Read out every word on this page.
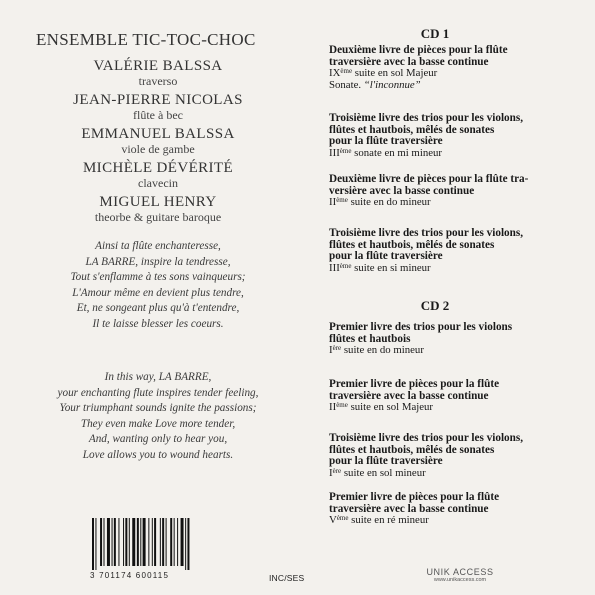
ENSEMBLE TIC-TOC-CHOC
VALÉRIE BALSSA
traverso
JEAN-PIERRE NICOLAS
flûte à bec
EMMANUEL BALSSA
viole de gambe
MICHÈLE DÉVÉRITÉ
clavecin
MIGUEL HENRY
theorbe & guitare baroque
Ainsi ta flûte enchanteresse,
LA BARRE, inspire la tendresse,
Tout s'enflamme à tes sons vainqueurs;
L'Amour même en devient plus tendre,
Et, ne songeant plus qu'à t'entendre,
Il te laisse blesser les coeurs.
In this way, LA BARRE,
your enchanting flute inspires tender feeling,
Your triumphant sounds ignite the passions;
They even make Love more tender,
And, wanting only to hear you,
Love allows you to wound hearts.
3 701174 600115	INC/SES
UNIK ACCESS
www.unikaccess.com
CD 1
CD 2
Deuxième livre de pièces pour la flûte
traversière avec la basse continue
IXème suite en sol Majeur
Sonate. “l'inconnue”
Troisième livre des trios pour les violons,
flûtes et hautbois, mêlés de sonates
pour la flûte traversière
IIIème sonate en mi mineur
Deuxième livre de pièces pour la flûte tra-
versière avec la basse continue
IIème suite en do mineur
Troisième livre des trios pour les violons,
flûtes et hautbois, mêlés de sonates
pour la flûte traversière
IIIème suite en si mineur
Premier livre des trios pour les violons
flûtes et hautbois
Ière suite en do mineur
Premier livre de pièces pour la flûte
traversière avec la basse continue
IIème suite en sol Majeur
Troisième livre des trios pour les violons,
flûtes et hautbois, mêlés de sonates
pour la flûte traversière
Ière suite en sol mineur
Premier livre de pièces pour la flûte
traversière avec la basse continue
Vème suite en ré mineur
